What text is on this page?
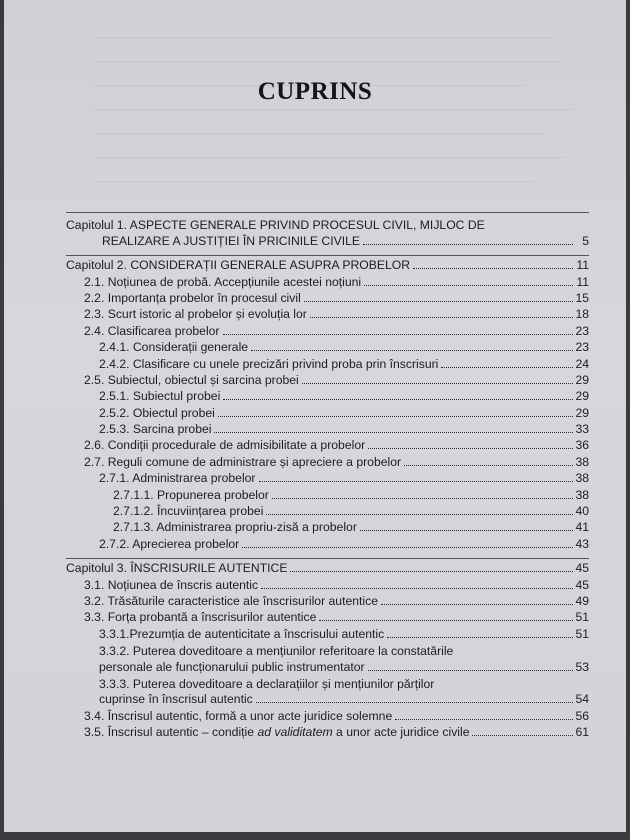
CUPRINS
Capitolul 1. ASPECTE GENERALE PRIVIND PROCESUL CIVIL, MIJLOC DE
REALIZARE A JUSTIȚIEI ÎN PRICINILE CIVILE	5
Capitolul 2. CONSIDERAȚII GENERALE ASUPRA PROBELOR	11
2.1. Noțiunea de probă. Accepțiunile acestei noțiuni	11
2.2. Importanța probelor în procesul civil	15
2.3. Scurt istoric al probelor și evoluția lor	18
2.4. Clasificarea probelor	23
2.4.1. Considerații generale	23
2.4.2. Clasificare cu unele precizări privind proba prin înscrisuri	24
2.5. Subiectul, obiectul și sarcina probei	29
2.5.1. Subiectul probei	29
2.5.2. Obiectul probei	29
2.5.3. Sarcina probei	33
2.6. Condiții procedurale de admisibilitate a probelor	36
2.7. Reguli comune de administrare și apreciere a probelor	38
2.7.1. Administrarea probelor	38
2.7.1.1. Propunerea probelor	38
2.7.1.2. Încuviințarea probei	40
2.7.1.3. Administrarea propriu-zisă a probelor	41
2.7.2. Aprecierea probelor	43
Capitolul 3. ÎNSCRISURILE AUTENTICE	45
3.1. Noțiunea de înscris autentic	45
3.2. Trăsăturile caracteristice ale înscrisurilor autentice	49
3.3. Forța probantă a înscrisurilor autentice	51
3.3.1.Prezumția de autenticitate a înscrisului autentic	51
3.3.2. Puterea doveditoare a mențiunilor referitoare la constatările
personale ale funcționarului public instrumentator	53
3.3.3. Puterea doveditoare a declarațiilor și mențiunilor părților
cuprinse în înscrisul autentic	54
3.4. Înscrisul autentic, formă a unor acte juridice solemne	56
3.5. Înscrisul autentic – condiție ad validitatem a unor acte juridice civile	61
